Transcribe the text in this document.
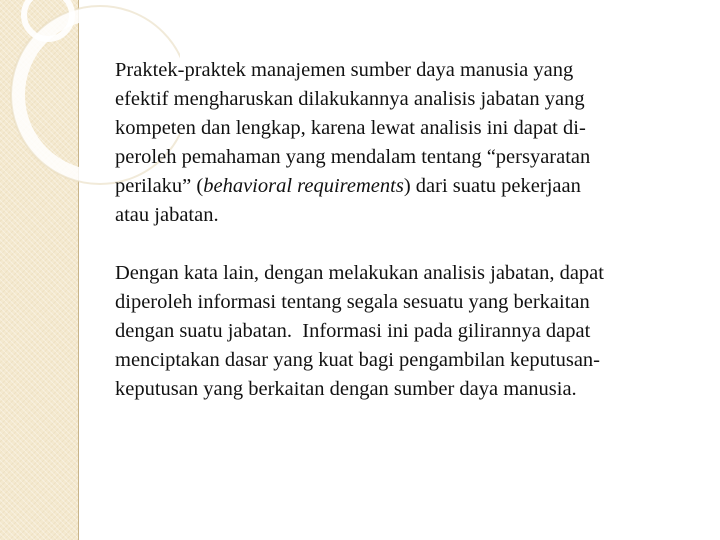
Praktek-praktek manajemen sumber daya manusia yang
efektif mengharuskan dilakukannya analisis jabatan yang
kompeten dan lengkap, karena lewat analisis ini dapat di-
peroleh pemahaman yang mendalam tentang “persyaratan
perilaku” (behavioral requirements) dari suatu pekerjaan
atau jabatan.

Dengan kata lain, dengan melakukan analisis jabatan, dapat
diperoleh informasi tentang segala sesuatu yang berkaitan
dengan suatu jabatan.  Informasi ini pada gilirannya dapat
menciptakan dasar yang kuat bagi pengambilan keputusan-
keputusan yang berkaitan dengan sumber daya manusia.
